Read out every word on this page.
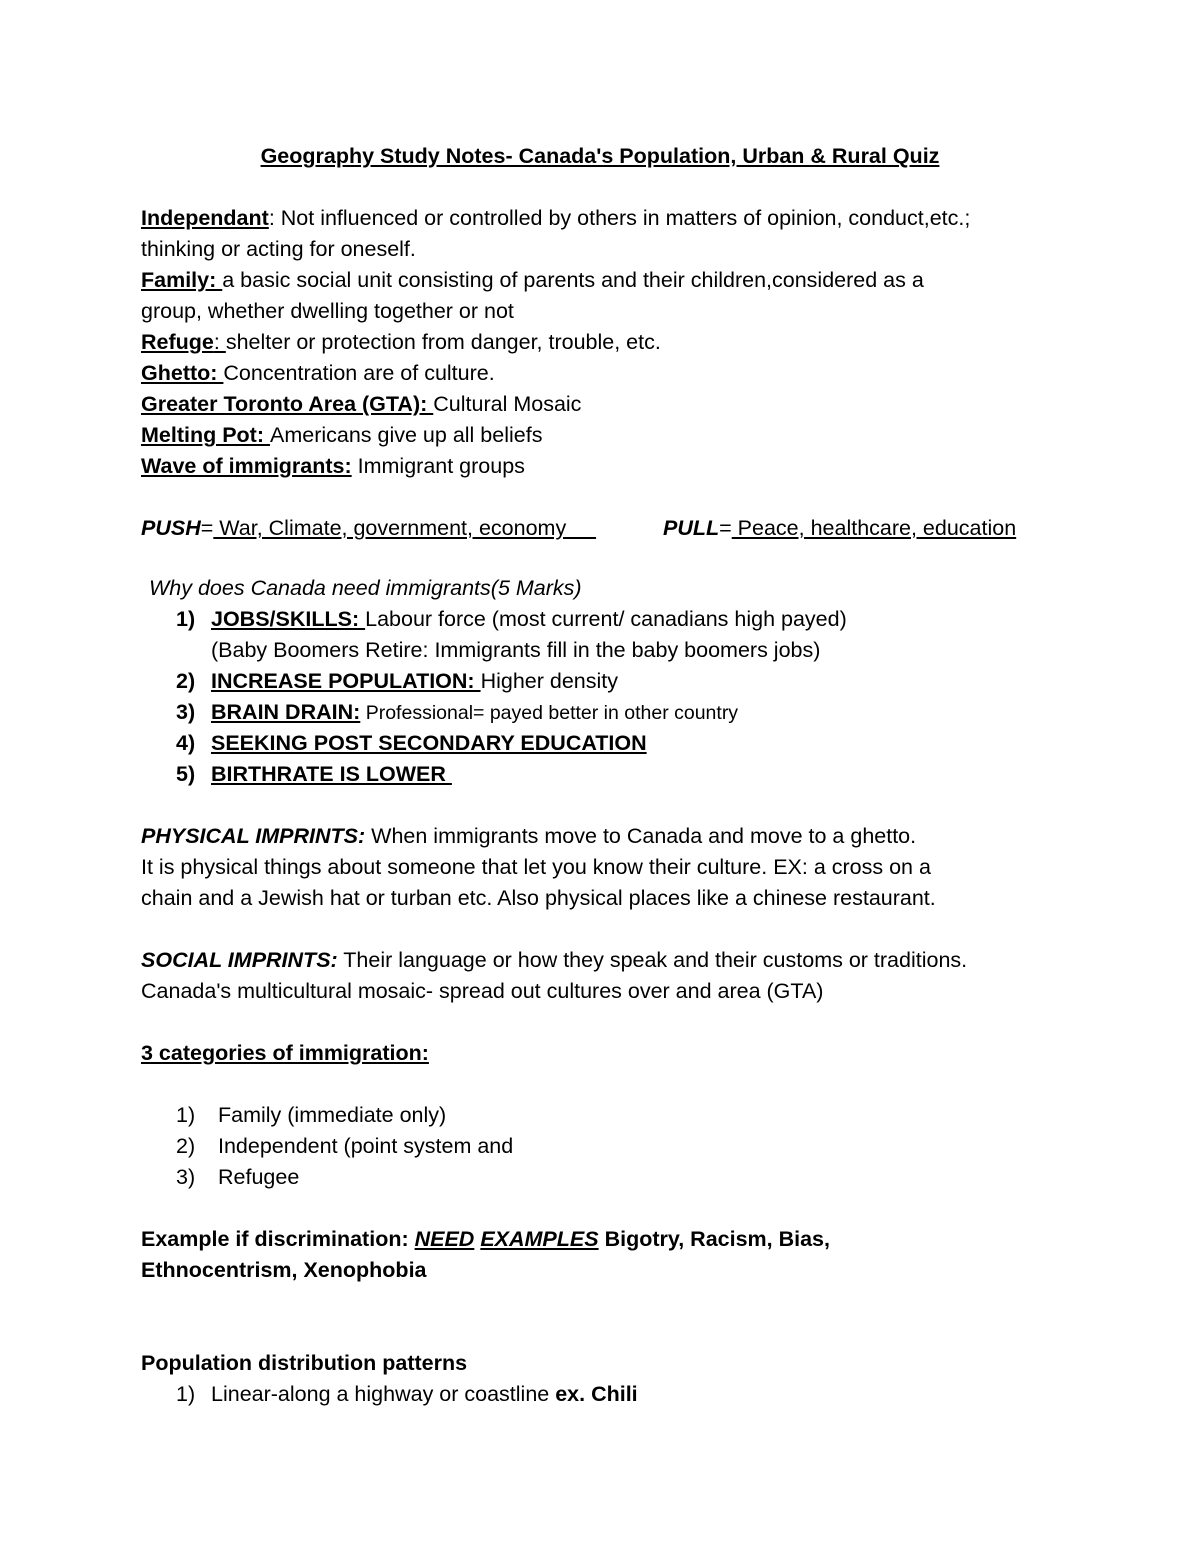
Geography Study Notes- Canada's Population, Urban & Rural Quiz
Independant: Not influenced or controlled by others in matters of opinion, conduct,etc.;
thinking or acting for oneself.
Family: a basic social unit consisting of parents and their children,considered as a
group, whether dwelling together or not
Refuge: shelter or protection from danger, trouble, etc.
Ghetto: Concentration are of culture.
Greater Toronto Area (GTA): Cultural Mosaic
Melting Pot: Americans give up all beliefs
Wave of immigrants: Immigrant groups
PUSH= War, Climate, government, economy	PULL= Peace, healthcare, education
Why does Canada need immigrants(5 Marks)
1) JOBS/SKILLS: Labour force (most current/ canadians high payed)
(Baby Boomers Retire: Immigrants fill in the baby boomers jobs)
2) INCREASE POPULATION: Higher density
3) BRAIN DRAIN: Professional= payed better in other country
4) SEEKING POST SECONDARY EDUCATION
5) BIRTHRATE IS LOWER
PHYSICAL IMPRINTS: When immigrants move to Canada and move to a ghetto.
It is physical things about someone that let you know their culture. EX: a cross on a
chain and a Jewish hat or turban etc. Also physical places like a chinese restaurant.
SOCIAL IMPRINTS: Their language or how they speak and their customs or traditions.
Canada's multicultural mosaic- spread out cultures over and area (GTA)
3 categories of immigration:
1) Family (immediate only)
2) Independent (point system and
3) Refugee
Example if discrimination: NEED EXAMPLES Bigotry, Racism, Bias,
Ethnocentrism, Xenophobia
Population distribution patterns
1) Linear-along a highway or coastline ex. Chili
